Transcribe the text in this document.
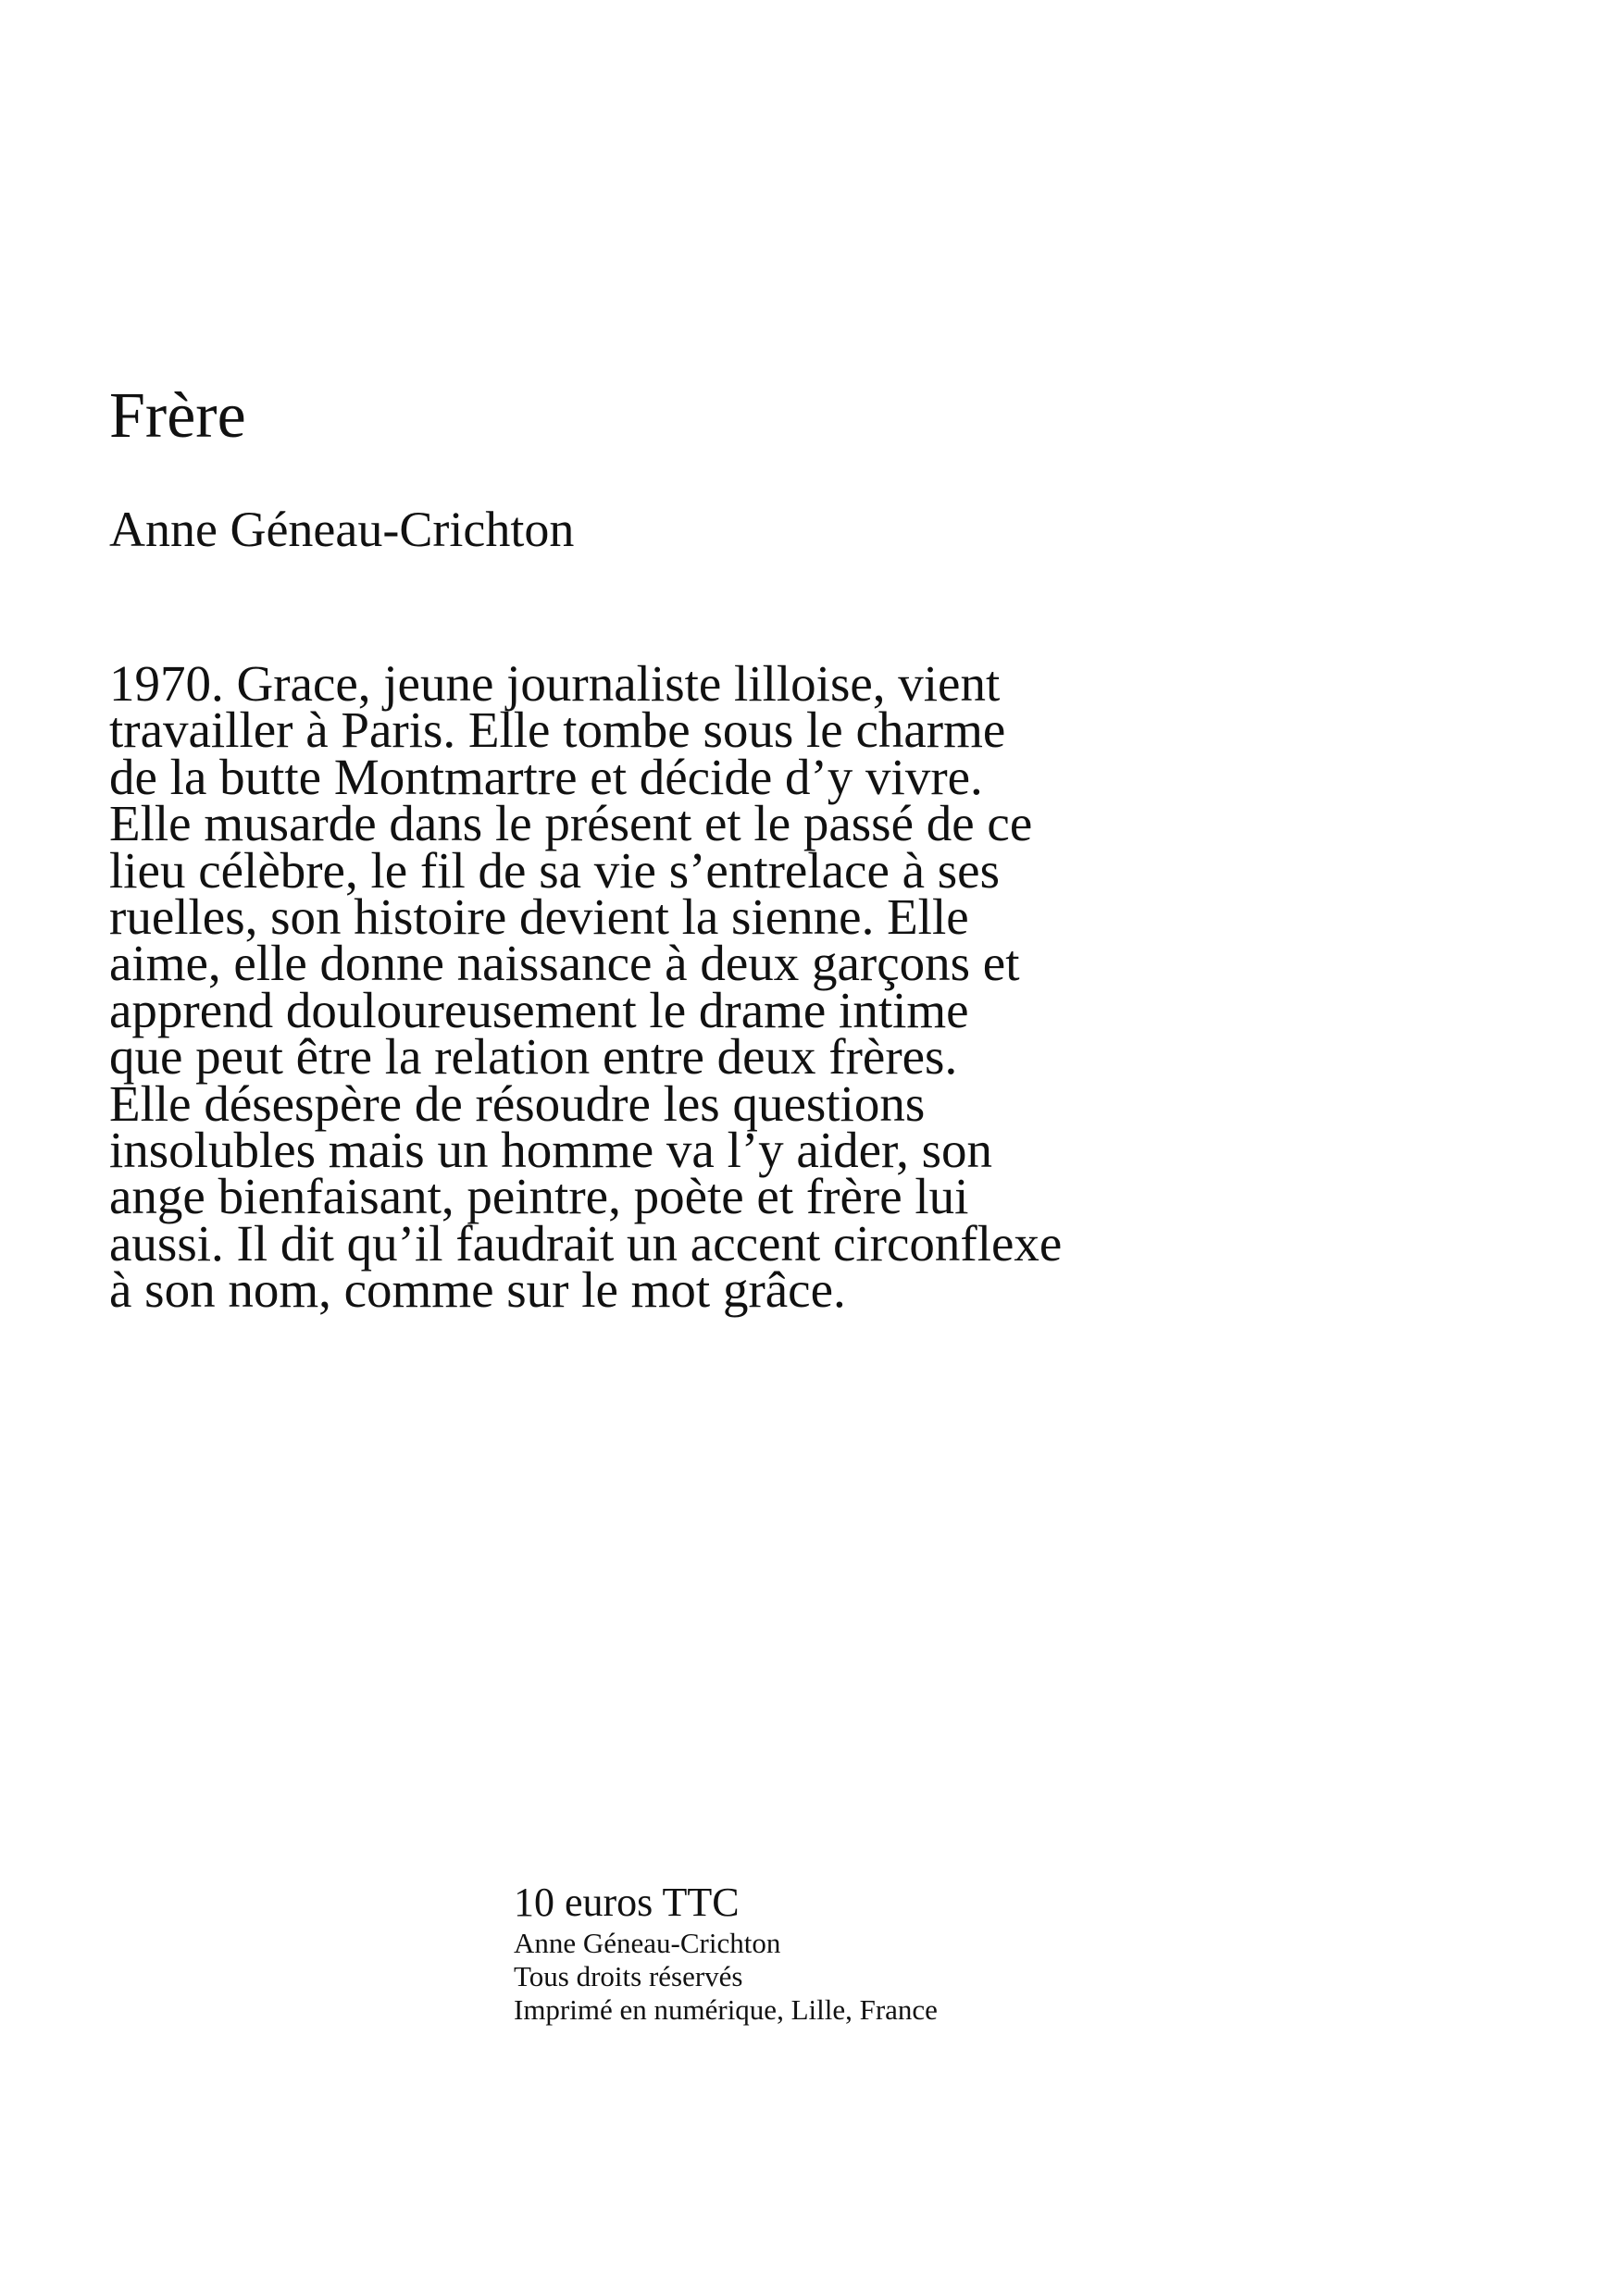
Frère

Anne Géneau-Crichton

1970. Grace, jeune journaliste lilloise, vient
travailler à Paris. Elle tombe sous le charme
de la butte Montmartre et décide d’y vivre.
Elle musarde dans le présent et le passé de ce
lieu célèbre, le fil de sa vie s’entrelace à ses
ruelles, son histoire devient la sienne. Elle
aime, elle donne naissance à deux garçons et
apprend douloureusement le drame intime
que peut être la relation entre deux frères.
Elle désespère de résoudre les questions
insolubles mais un homme va l’y aider, son
ange bienfaisant, peintre, poète et frère lui
aussi. Il dit qu’il faudrait un accent circonflexe
à son nom, comme sur le mot grâce.
10 euros TTC
Anne Géneau-Crichton
Tous droits réservés
Imprimé en numérique, Lille, France
